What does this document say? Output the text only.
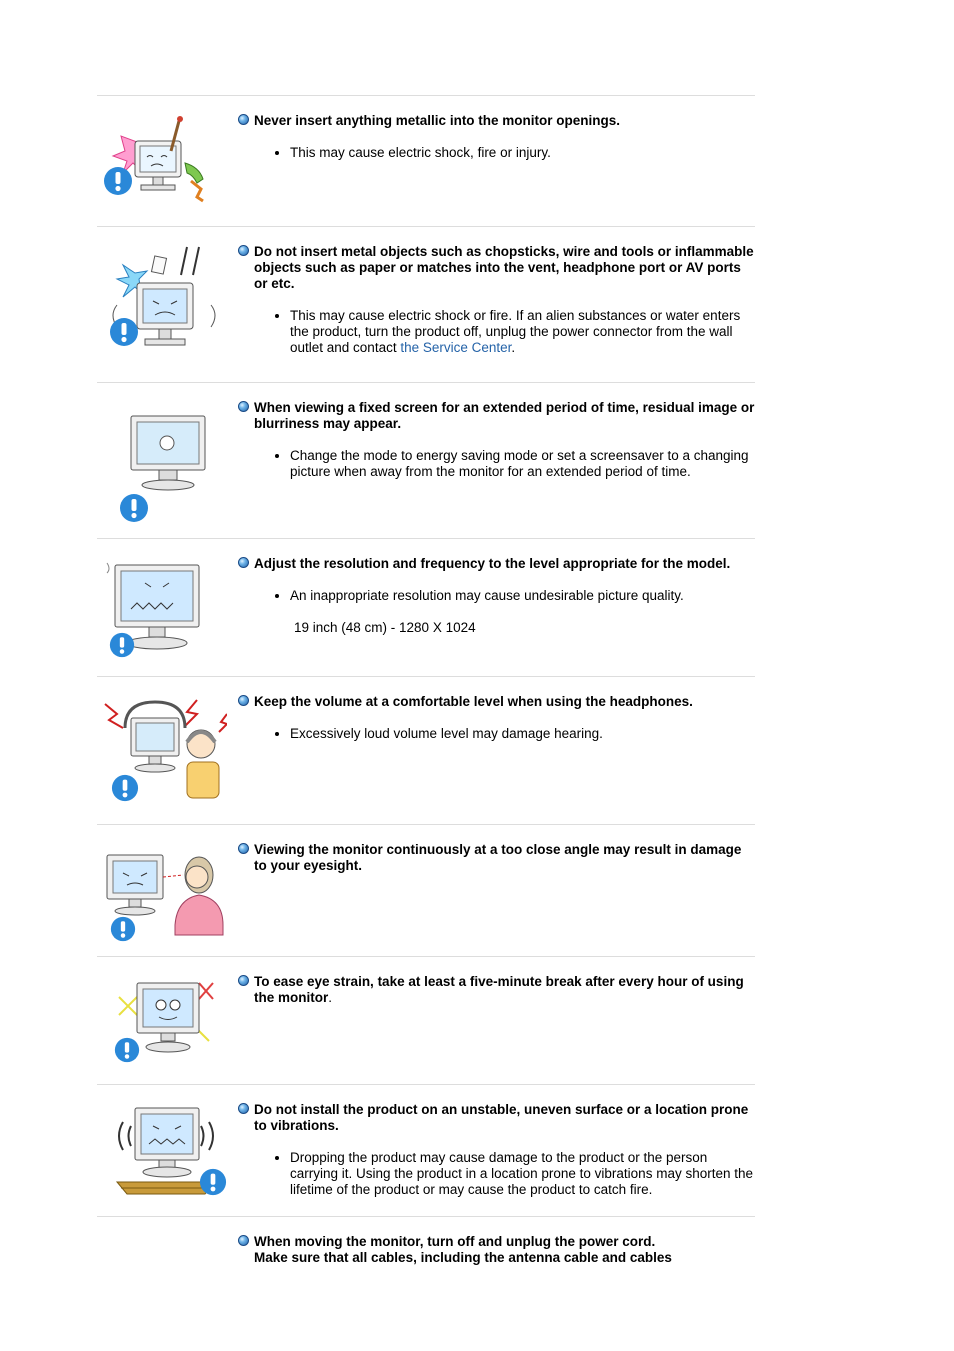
Never insert anything metallic into the monitor openings.
• This may cause electric shock, fire or injury.
Do not insert metal objects such as chopsticks, wire and tools or inflammable objects such as paper or matches into the vent, headphone port or AV ports or etc.
• This may cause electric shock or fire. If an alien substances or water enters the product, turn the product off, unplug the power connector from the wall outlet and contact the Service Center.
When viewing a fixed screen for an extended period of time, residual image or blurriness may appear.
• Change the mode to energy saving mode or set a screensaver to a changing picture when away from the monitor for an extended period of time.
Adjust the resolution and frequency to the level appropriate for the model.
• An inappropriate resolution may cause undesirable picture quality.
19 inch (48 cm) - 1280 X 1024
Keep the volume at a comfortable level when using the headphones.
• Excessively loud volume level may damage hearing.
Viewing the monitor continuously at a too close angle may result in damage to your eyesight.
To ease eye strain, take at least a five-minute break after every hour of using the monitor.
Do not install the product on an unstable, uneven surface or a location prone to vibrations.
• Dropping the product may cause damage to the product or the person carrying it. Using the product in a location prone to vibrations may shorten the lifetime of the product or may cause the product to catch fire.
When moving the monitor, turn off and unplug the power cord.
Make sure that all cables, including the antenna cable and cables
